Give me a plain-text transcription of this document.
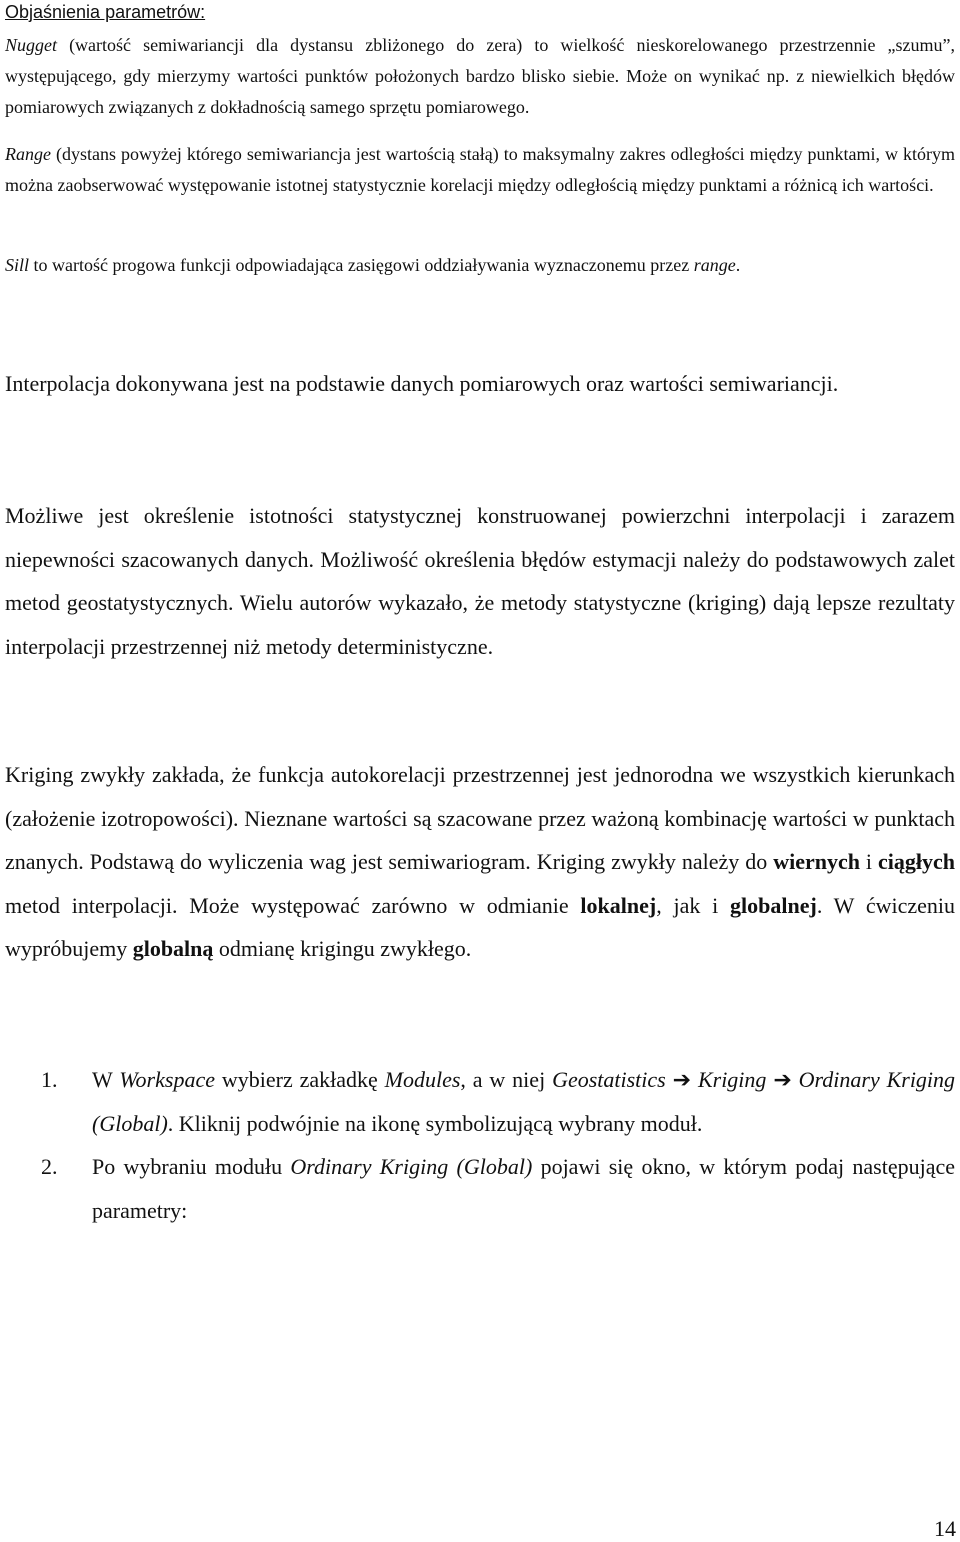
Objaśnienia parametrów:

Nugget (wartość semiwariancji dla dystansu zbliżonego do zera) to wielkość nieskorelowanego przestrzennie „szumu”, występującego, gdy mierzymy wartości punktów położonych bardzo blisko siebie. Może on wynikać np. z niewielkich błędów pomiarowych związanych z dokładnością samego sprzętu pomiarowego.

Range (dystans powyżej którego semiwariancja jest wartością stałą) to maksymalny zakres odległości między punktami, w którym można zaobserwować występowanie istotnej statystycznie korelacji między odległością między punktami a różnicą ich wartości.

Sill to wartość progowa funkcji odpowiadająca zasięgowi oddziaływania wyznaczonemu przez range.

Interpolacja dokonywana jest na podstawie danych pomiarowych oraz wartości semiwariancji.

Możliwe jest określenie istotności statystycznej konstruowanej powierzchni interpolacji i zarazem niepewności szacowanych danych. Możliwość określenia błędów estymacji należy do podstawowych zalet metod geostatystycznych. Wielu autorów wykazało, że metody statystyczne (kriging) dają lepsze rezultaty interpolacji przestrzennej niż metody deterministyczne.

Kriging zwykły zakłada, że funkcja autokorelacji przestrzennej jest jednorodna we wszystkich kierunkach (założenie izotropowości). Nieznane wartości są szacowane przez ważoną kombinację wartości w punktach znanych. Podstawą do wyliczenia wag jest semiwariogram. Kriging zwykły należy do wiernych i ciągłych metod interpolacji. Może występować zarówno w odmianie lokalnej, jak i globalnej. W ćwiczeniu wypróbujemy globalną odmianę krigingu zwykłego.

1. W Workspace wybierz zakładkę Modules, a w niej Geostatistics ➔ Kriging ➔ Ordinary Kriging (Global). Kliknij podwójnie na ikonę symbolizującą wybrany moduł.
2. Po wybraniu modułu Ordinary Kriging (Global) pojawi się okno, w którym podaj następujące parametry:
14
